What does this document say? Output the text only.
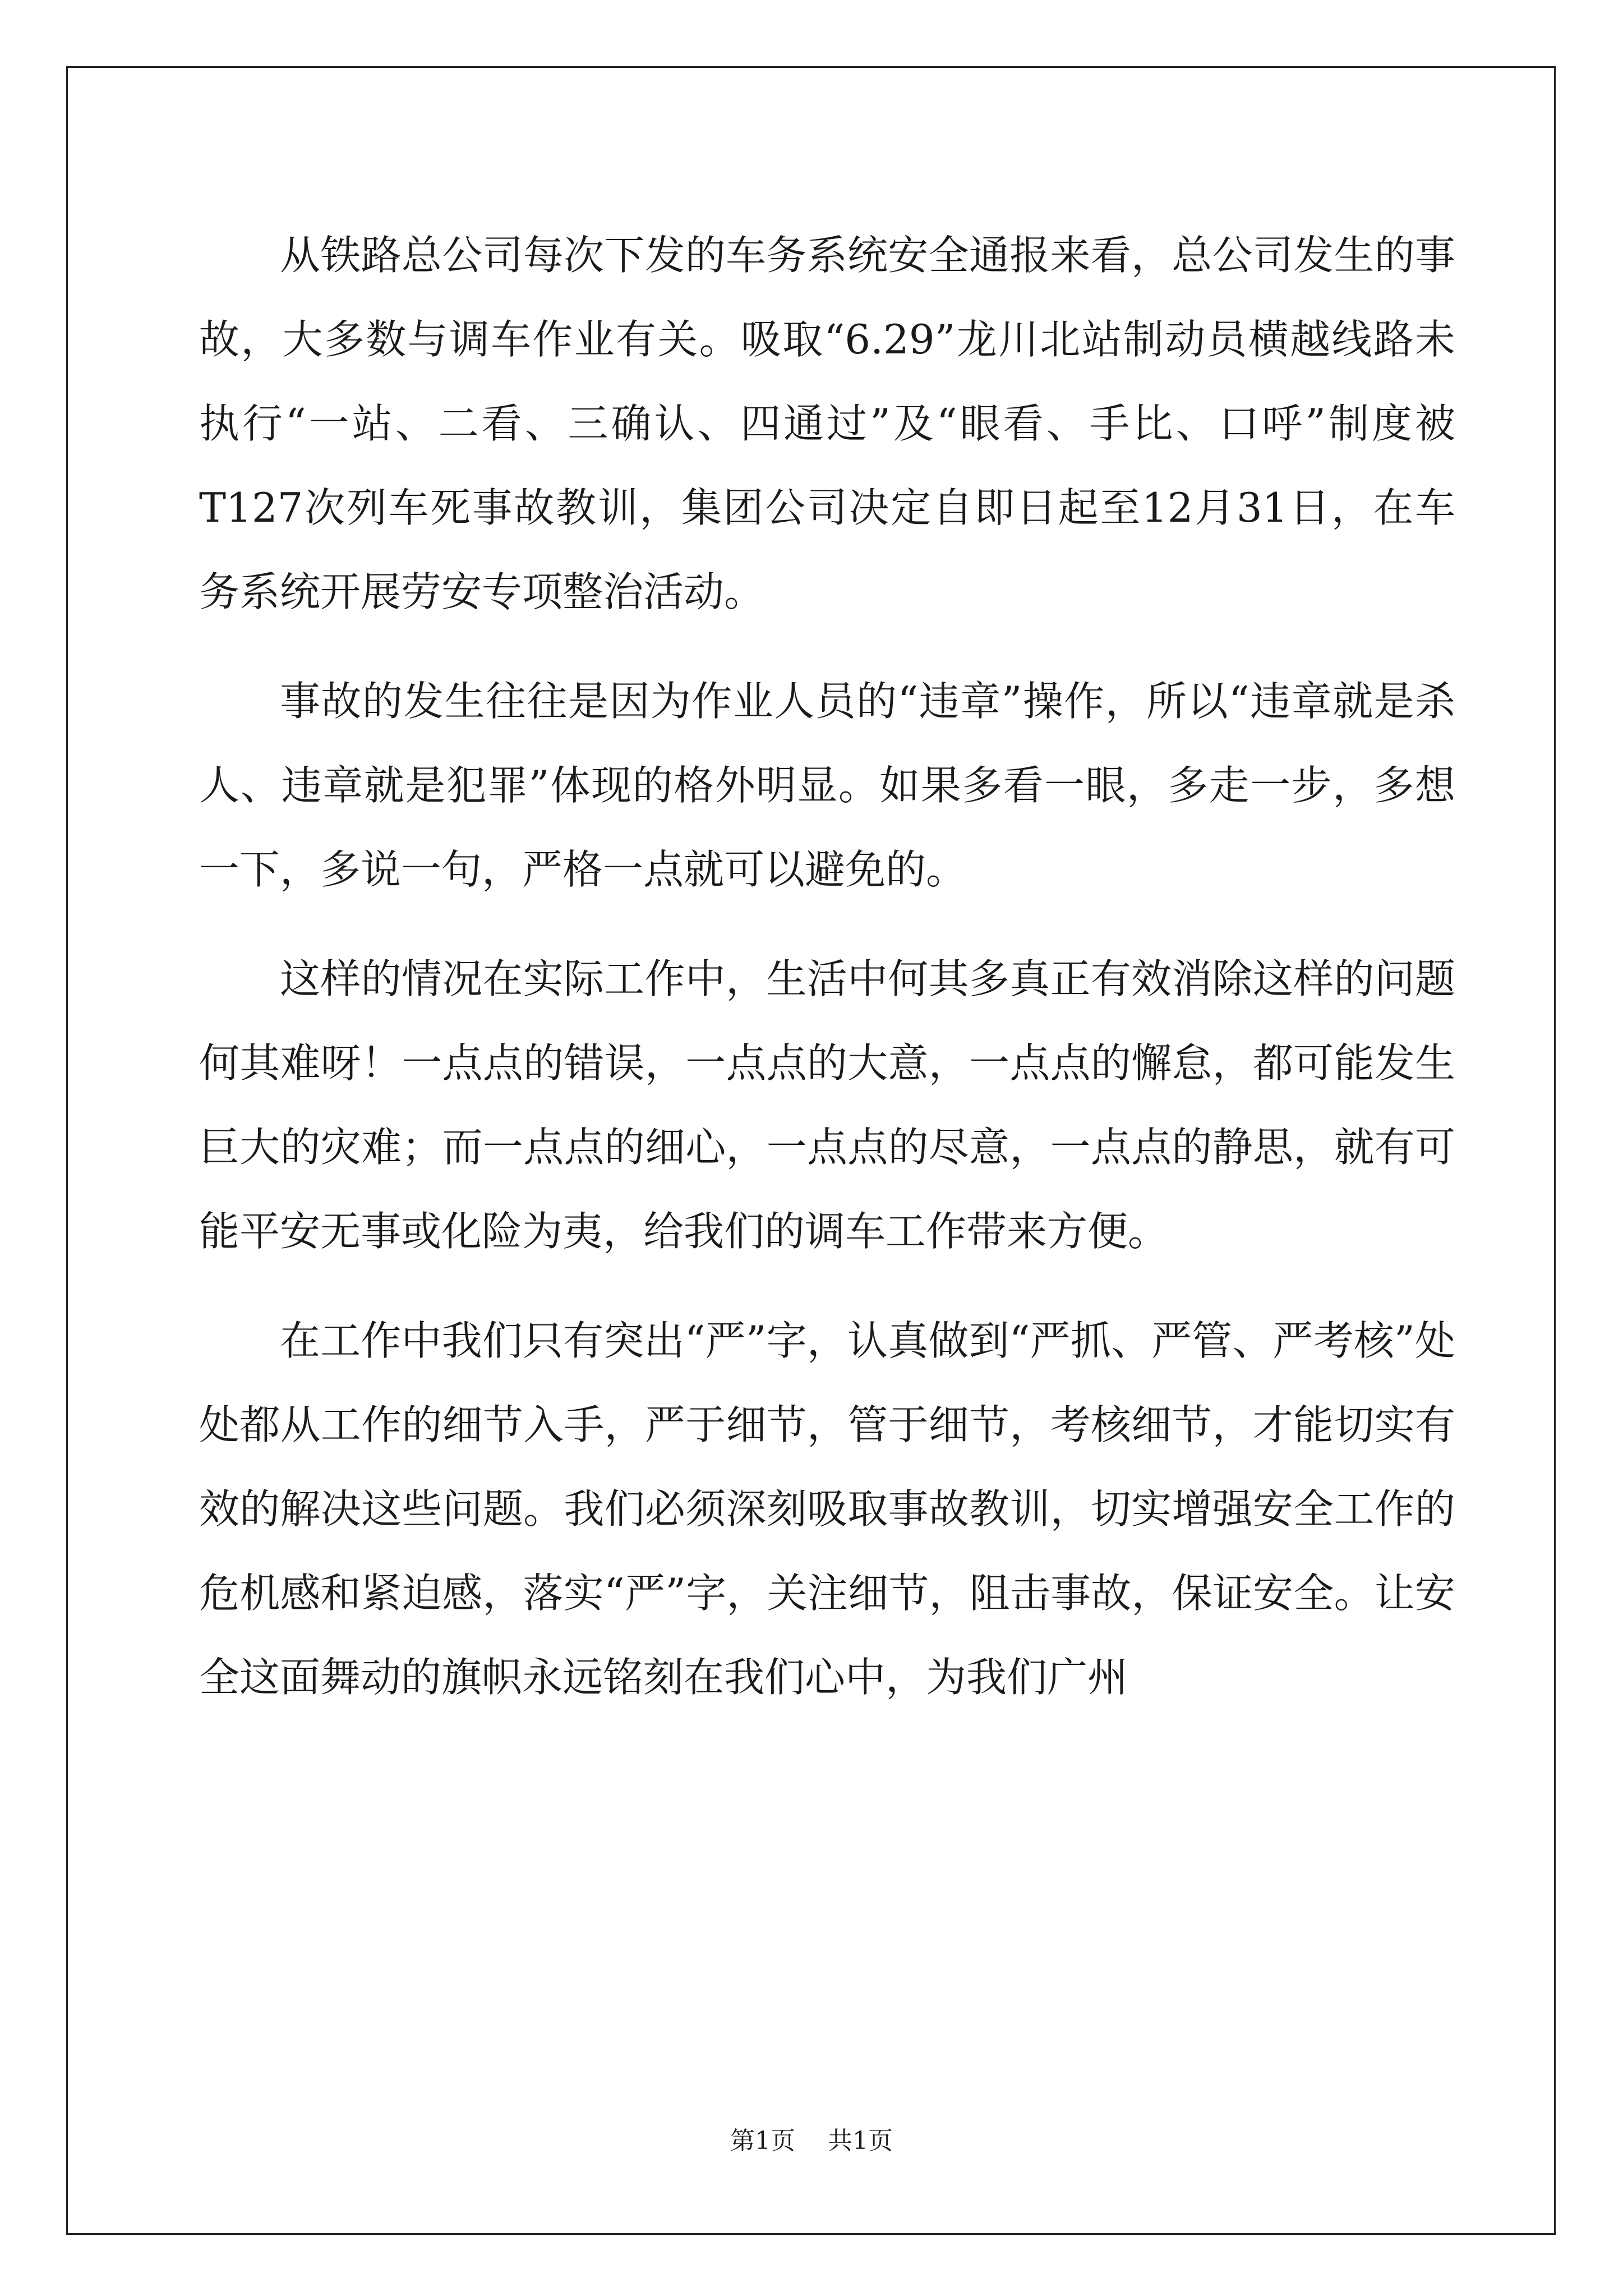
从铁路总公司每次下发的车务系统安全通报来看，总公司发生的事故，大多数与调车作业有关。吸取“6.29”龙川北站制动员横越线路未执行“一站、二看、三确认、四通过”及“眼看、手比、口呼”制度被T127次列车死事故教训，集团公司决定自即日起至12月31日，在车务系统开展劳安专项整治活动。

事故的发生往往是因为作业人员的“违章”操作，所以“违章就是杀人、违章就是犯罪”体现的格外明显。如果多看一眼，多走一步，多想一下，多说一句，严格一点就可以避免的。

这样的情况在实际工作中，生活中何其多真正有效消除这样的问题何其难呀！一点点的错误，一点点的大意，一点点的懈怠，都可能发生巨大的灾难；而一点点的细心，一点点的尽意，一点点的静思，就有可能平安无事或化险为夷，给我们的调车工作带来方便。

在工作中我们只有突出“严”字，认真做到“严抓、严管、严考核”处处都从工作的细节入手，严于细节，管于细节，考核细节，才能切实有效的解决这些问题。我们必须深刻吸取事故教训，切实增强安全工作的危机感和紧迫感，落实“严”字，关注细节，阻击事故，保证安全。让安全这面舞动的旗帜永远铭刻在我们心中，为我们广州

第1页 共1页
